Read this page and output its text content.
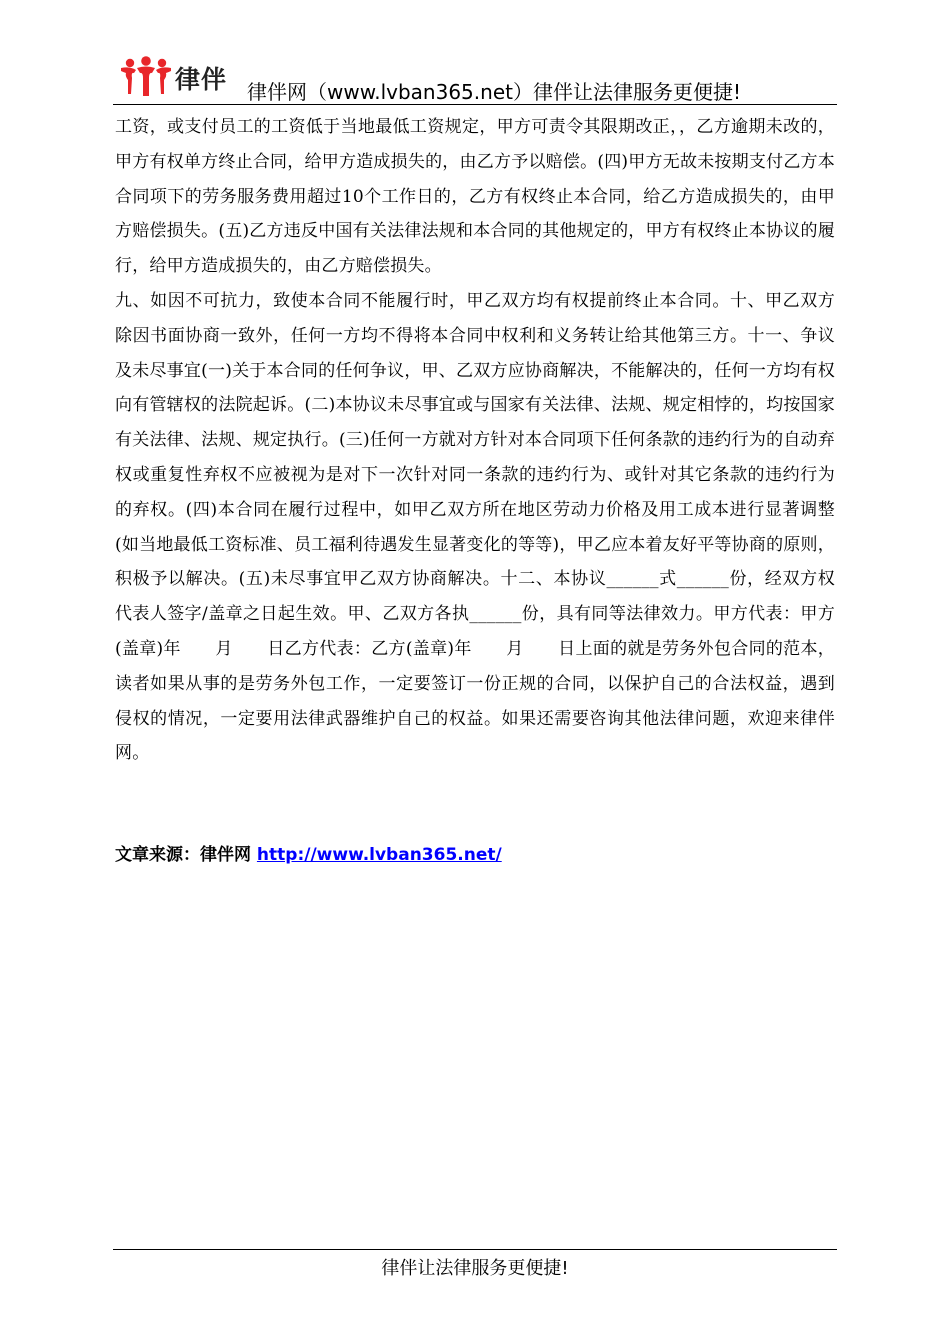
律伴 律伴网（www.lvban365.net）律伴让法律服务更便捷!

工资，或支付员工的工资低于当地最低工资规定，甲方可责令其限期改正，，乙方逾期未改的，甲方有权单方终止合同，给甲方造成损失的，由乙方予以赔偿。(四)甲方无故未按期支付乙方本合同项下的劳务服务费用超过10个工作日的，乙方有权终止本合同，给乙方造成损失的，由甲方赔偿损失。(五)乙方违反中国有关法律法规和本合同的其他规定的，甲方有权终止本协议的履行，给甲方造成损失的，由乙方赔偿损失。

九、如因不可抗力，致使本合同不能履行时，甲乙双方均有权提前终止本合同。十、甲乙双方除因书面协商一致外，任何一方均不得将本合同中权利和义务转让给其他第三方。十一、争议及未尽事宜(一)关于本合同的任何争议，甲、乙双方应协商解决，不能解决的，任何一方均有权向有管辖权的法院起诉。(二)本协议未尽事宜或与国家有关法律、法规、规定相悖的，均按国家有关法律、法规、规定执行。(三)任何一方就对方针对本合同项下任何条款的违约行为的自动弃权或重复性弃权不应被视为是对下一次针对同一条款的违约行为、或针对其它条款的违约行为的弃权。(四)本合同在履行过程中，如甲乙双方所在地区劳动力价格及用工成本进行显著调整(如当地最低工资标准、员工福利待遇发生显著变化的等等)，甲乙应本着友好平等协商的原则，积极予以解决。(五)未尽事宜甲乙双方协商解决。十二、本协议______式______份，经双方权代表人签字/盖章之日起生效。甲、乙双方各执______份，具有同等法律效力。甲方代表：甲方(盖章)年　　月　　日乙方代表：乙方(盖章)年　　月　　日上面的就是劳务外包合同的范本，读者如果从事的是劳务外包工作，一定要签订一份正规的合同，以保护自己的合法权益，遇到侵权的情况，一定要用法律武器维护自己的权益。如果还需要咨询其他法律问题，欢迎来律伴网。

文章来源：律伴网 http://www.lvban365.net/
律伴让法律服务更便捷!
